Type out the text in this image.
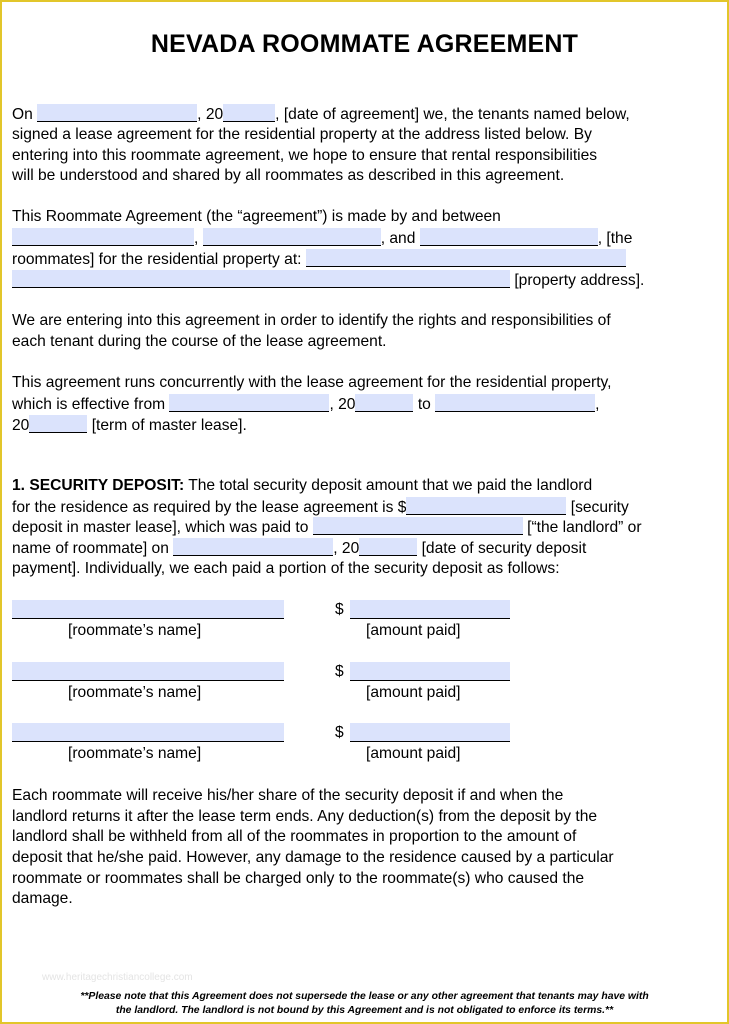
NEVADA ROOMMATE AGREEMENT
On	, 20	, [date of agreement] we, the tenants named below,
signed a lease agreement for the residential property at the address listed below. By
entering into this roommate agreement, we hope to ensure that rental responsibilities
will be understood and shared by all roommates as described in this agreement.
This Roommate Agreement (the “agreement”) is made by and between
,	, and	, [the
roommates] for the residential property at:
[property address].
We are entering into this agreement in order to identify the rights and responsibilities of
each tenant during the course of the lease agreement.
This agreement runs concurrently with the lease agreement for the residential property,
which is effective from	, 20	to	,
20	[term of master lease].
1. SECURITY DEPOSIT: The total security deposit amount that we paid the landlord
for the residence as required by the lease agreement is $	[security
deposit in master lease], which was paid to	[“the landlord” or
name of roommate] on	, 20	[date of security deposit
payment]. Individually, we each paid a portion of the security deposit as follows:
$
[roommate’s name]	[amount paid]
$
[roommate’s name]	[amount paid]
$
[roommate’s name]	[amount paid]
Each roommate will receive his/her share of the security deposit if and when the
landlord returns it after the lease term ends. Any deduction(s) from the deposit by the
landlord shall be withheld from all of the roommates in proportion to the amount of
deposit that he/she paid. However, any damage to the residence caused by a particular
roommate or roommates shall be charged only to the roommate(s) who caused the
damage.
www.heritagechristiancollege.com
**Please note that this Agreement does not supersede the lease or any other agreement that tenants may have with
the landlord. The landlord is not bound by this Agreement and is not obligated to enforce its terms.**
